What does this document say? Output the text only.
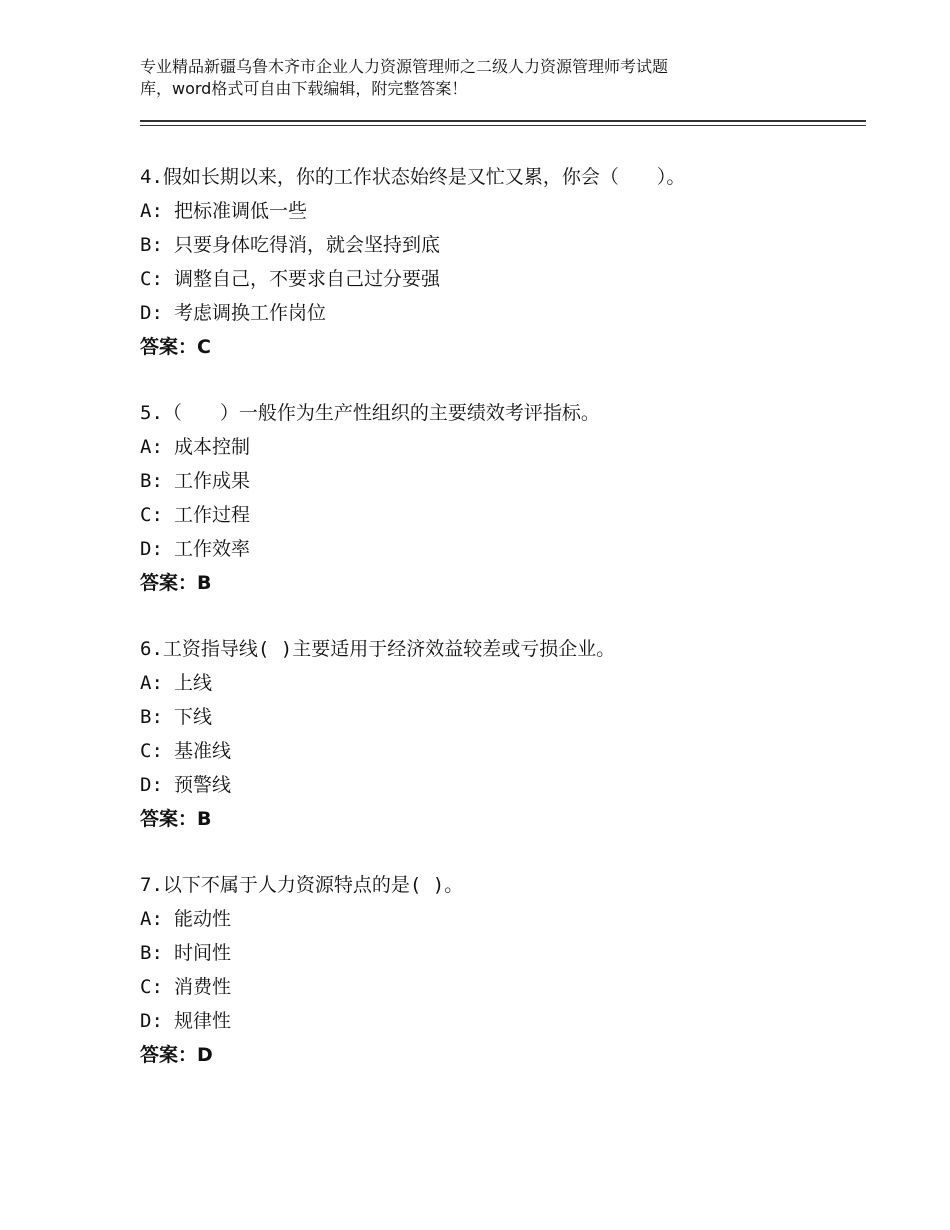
专业精品新疆乌鲁木齐市企业人力资源管理师之二级人力资源管理师考试题
库，word格式可自由下载编辑，附完整答案！
4.假如长期以来，你的工作状态始终是又忙又累，你会（　　）。
A: 把标准调低一些
B: 只要身体吃得消，就会坚持到底
C: 调整自己，不要求自己过分要强
D: 考虑调换工作岗位
答案：C
5.（　　）一般作为生产性组织的主要绩效考评指标。
A: 成本控制
B: 工作成果
C: 工作过程
D: 工作效率
答案：B
6.工资指导线( )主要适用于经济效益较差或亏损企业。
A: 上线
B: 下线
C: 基准线
D: 预警线
答案：B
7.以下不属于人力资源特点的是( )。
A: 能动性
B: 时间性
C: 消费性
D: 规律性
答案：D
